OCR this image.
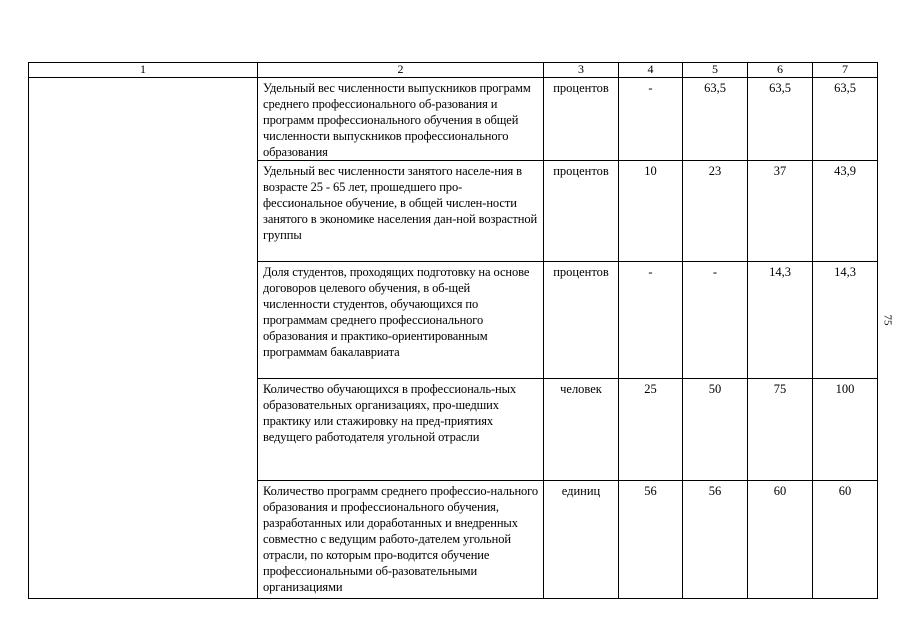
1	2	3	4	5	6	7
	Удельный вес численности выпускников программ среднего профессионального об-разования и программ профессионального обучения в общей численности выпускников профессионального образования	процентов	-	63,5	63,5	63,5
	Удельный вес численности занятого населе-ния в возрасте 25 - 65 лет, прошедшего про-фессиональное обучение, в общей числен-ности занятого в экономике населения дан-ной возрастной группы	процентов	10	23	37	43,9
	Доля студентов, проходящих подготовку на основе договоров целевого обучения, в об-щей численности студентов, обучающихся по программам среднего профессионального образования и практико-ориентированным программам бакалавриата	процентов	-	-	14,3	14,3
	Количество обучающихся в профессиональ-ных образовательных организациях, про-шедших практику или стажировку на пред-приятиях ведущего работодателя угольной отрасли	человек	25	50	75	100
	Количество программ среднего профессио-нального образования и профессионального обучения, разработанных или доработанных и внедренных совместно с ведущим работо-дателем угольной отрасли, по которым про-водится обучение профессиональными об-разовательными организациями	единиц	56	56	60	60
75
